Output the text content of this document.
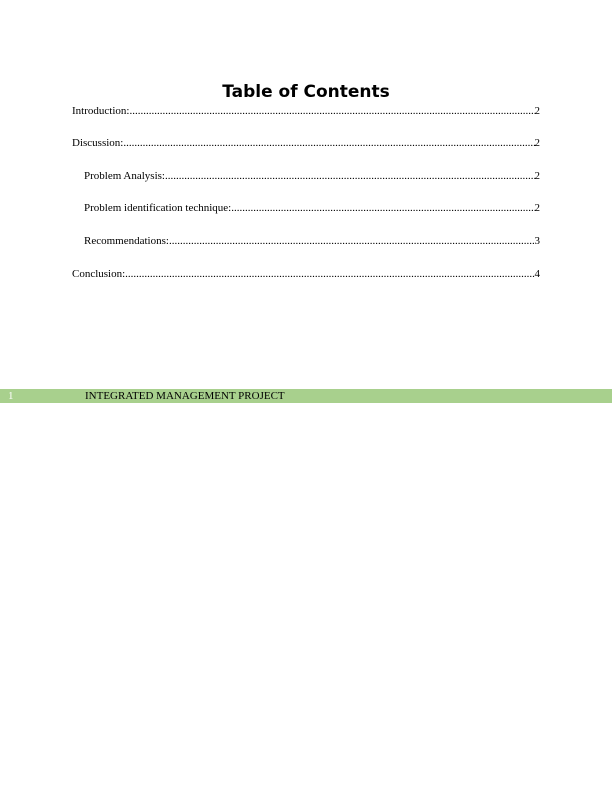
Table of Contents
Introduction: .....	2
Discussion: .....	2
Problem Analysis: .....	2
Problem identification technique: .....	2
Recommendations: .....	3
Conclusion: .....	4
1	INTEGRATED MANAGEMENT PROJECT
